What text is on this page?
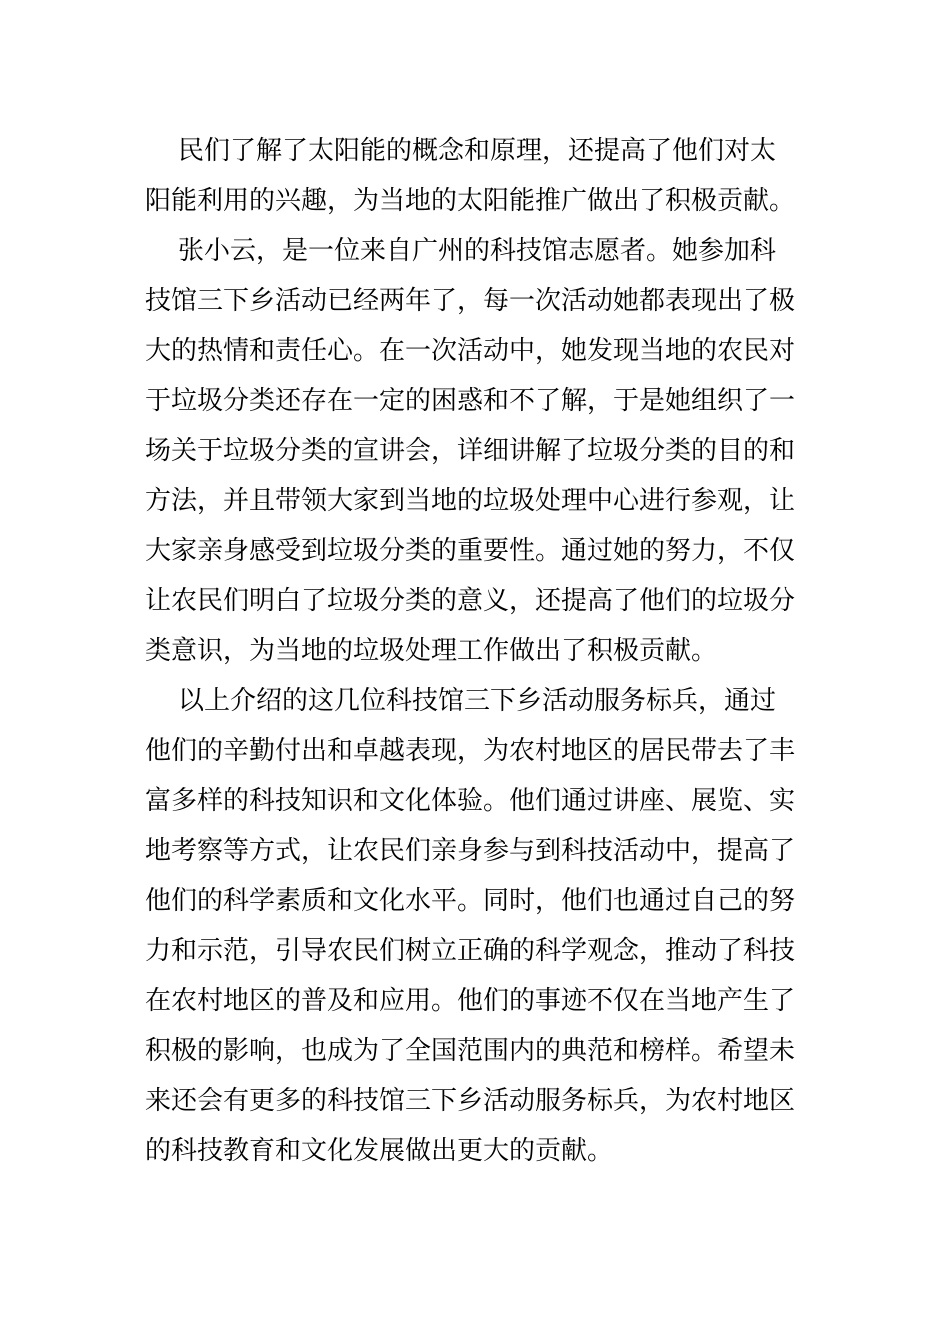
民们了解了太阳能的概念和原理，还提高了他们对太
阳能利用的兴趣，为当地的太阳能推广做出了积极贡献。
张小云，是一位来自广州的科技馆志愿者。她参加科
技馆三下乡活动已经两年了，每一次活动她都表现出了极
大的热情和责任心。在一次活动中，她发现当地的农民对
于垃圾分类还存在一定的困惑和不了解，于是她组织了一
场关于垃圾分类的宣讲会，详细讲解了垃圾分类的目的和
方法，并且带领大家到当地的垃圾处理中心进行参观，让
大家亲身感受到垃圾分类的重要性。通过她的努力，不仅
让农民们明白了垃圾分类的意义，还提高了他们的垃圾分
类意识，为当地的垃圾处理工作做出了积极贡献。
以上介绍的这几位科技馆三下乡活动服务标兵，通过
他们的辛勤付出和卓越表现，为农村地区的居民带去了丰
富多样的科技知识和文化体验。他们通过讲座、展览、实
地考察等方式，让农民们亲身参与到科技活动中，提高了
他们的科学素质和文化水平。同时，他们也通过自己的努
力和示范，引导农民们树立正确的科学观念，推动了科技
在农村地区的普及和应用。他们的事迹不仅在当地产生了
积极的影响，也成为了全国范围内的典范和榜样。希望未
来还会有更多的科技馆三下乡活动服务标兵，为农村地区
的科技教育和文化发展做出更大的贡献。
